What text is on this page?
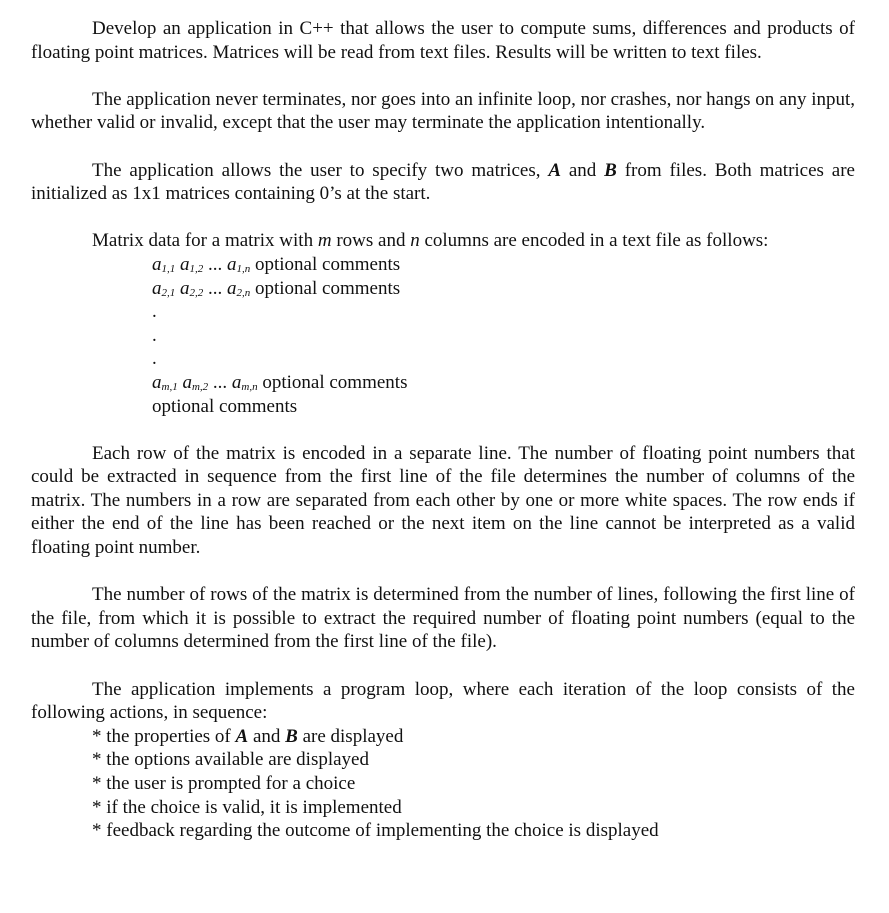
Develop an application in C++ that allows the user to compute sums, differences and products of floating point matrices. Matrices will be read from text files. Results will be written to text files.

The application never terminates, nor goes into an infinite loop, nor crashes, nor hangs on any input, whether valid or invalid, except that the user may terminate the application intentionally.

The application allows the user to specify two matrices, A and B from files. Both matrices are initialized as 1x1 matrices containing 0’s at the start.

Matrix data for a matrix with m rows and n columns are encoded in a text file as follows:
$a_{1,1}$ $a_{1,2}$ ... $a_{1,n}$ optional comments
$a_{2,1}$ $a_{2,2}$ ... $a_{2,n}$ optional comments
.
.
.
$a_{m,1}$ $a_{m,2}$ ... $a_{m,n}$ optional comments
optional comments

Each row of the matrix is encoded in a separate line. The number of floating point numbers that could be extracted in sequence from the first line of the file determines the number of columns of the matrix. The numbers in a row are separated from each other by one or more white spaces. The row ends if either the end of the line has been reached or the next item on the line cannot be interpreted as a valid floating point number.

The number of rows of the matrix is determined from the number of lines, following the first line of the file, from which it is possible to extract the required number of floating point numbers (equal to the number of columns determined from the first line of the file).

The application implements a program loop, where each iteration of the loop consists of the following actions, in sequence:

* the properties of A and B are displayed
* the options available are displayed
* the user is prompted for a choice
* if the choice is valid, it is implemented
* feedback regarding the outcome of implementing the choice is displayed
